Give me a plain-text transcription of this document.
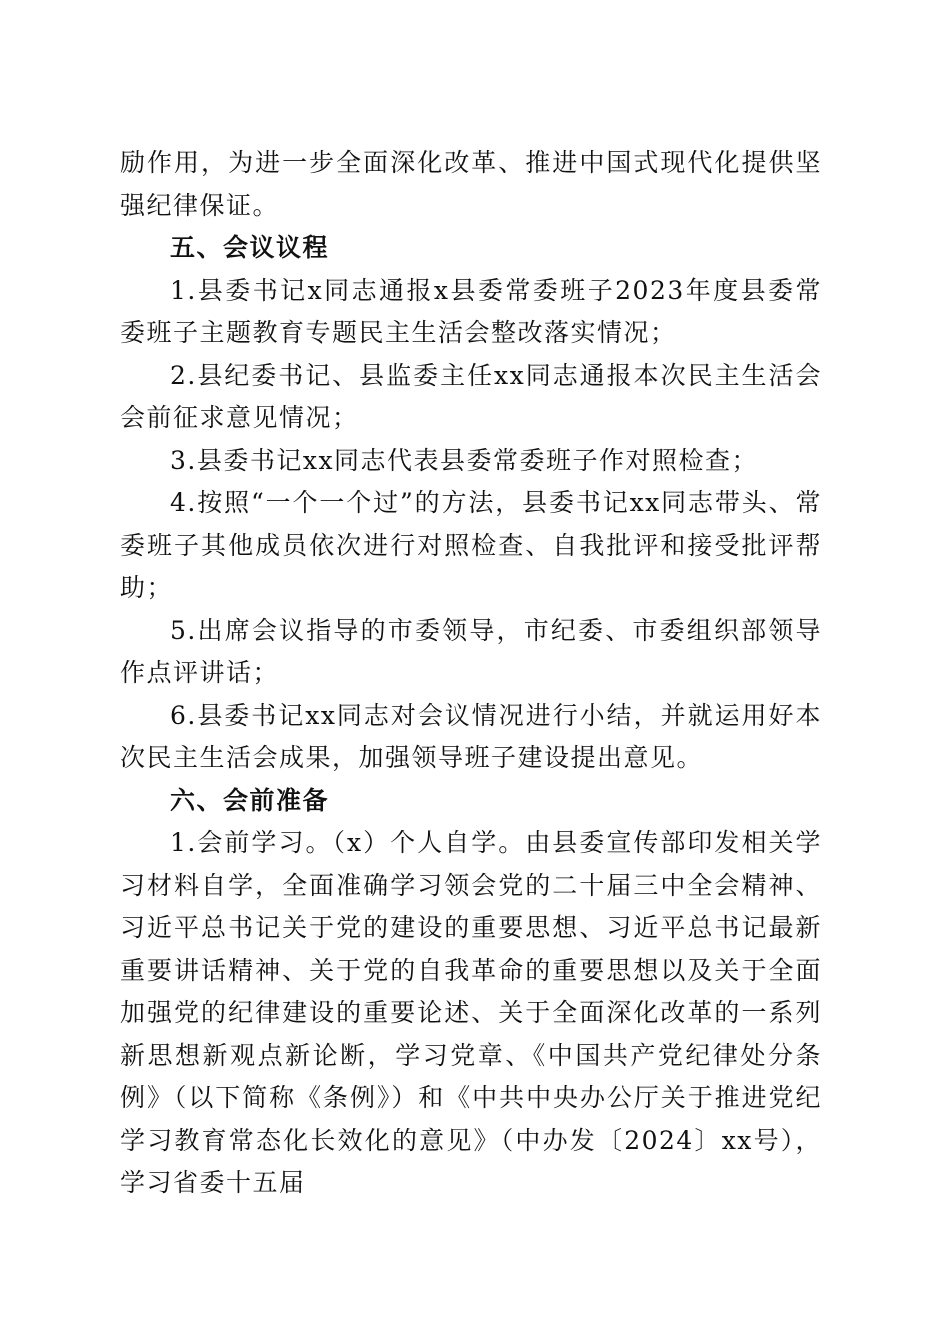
励作用，为进一步全面深化改革、推进中国式现代化提供坚强纪律保证。

五、会议议程

1.县委书记x同志通报x县委常委班子2023年度县委常委班子主题教育专题民主生活会整改落实情况；

2.县纪委书记、县监委主任xx同志通报本次民主生活会会前征求意见情况；

3.县委书记xx同志代表县委常委班子作对照检查；

4.按照“一个一个过”的方法，县委书记xx同志带头、常委班子其他成员依次进行对照检查、自我批评和接受批评帮助；

5.出席会议指导的市委领导，市纪委、市委组织部领导作点评讲话；

6.县委书记xx同志对会议情况进行小结，并就运用好本次民主生活会成果，加强领导班子建设提出意见。

六、会前准备

1.会前学习。（x）个人自学。由县委宣传部印发相关学习材料自学，全面准确学习领会党的二十届三中全会精神、习近平总书记关于党的建设的重要思想、习近平总书记最新重要讲话精神、关于党的自我革命的重要思想以及关于全面加强党的纪律建设的重要论述、关于全面深化改革的一系列新思想新观点新论断，学习党章、《中国共产党纪律处分条例》（以下简称《条例》）和《中共中央办公厅关于推进党纪学习教育常态化长效化的意见》（中办发〔2024〕xx号），学习省委十五届
